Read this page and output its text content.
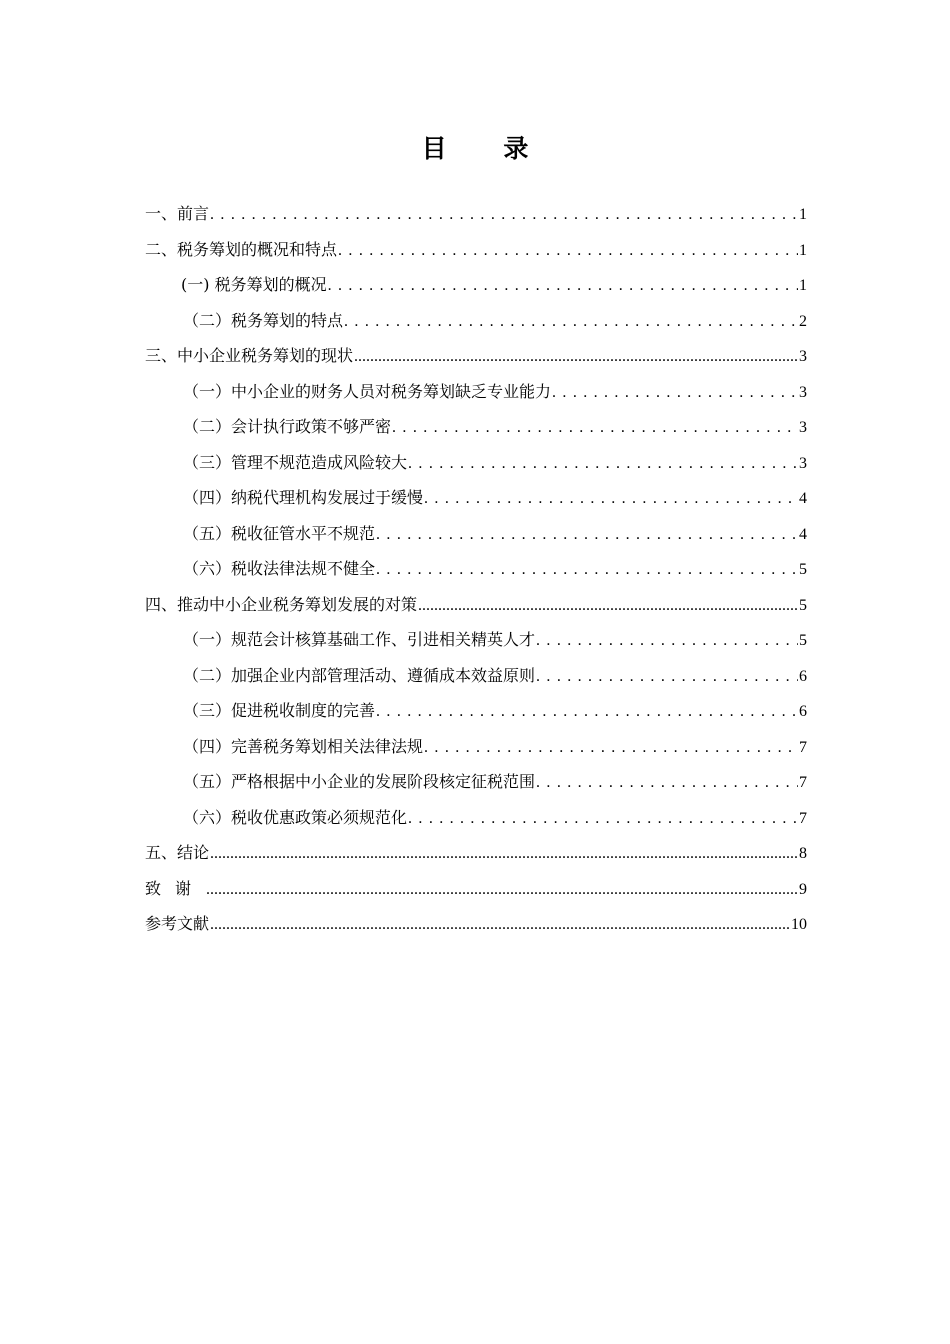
目 录
一、前言 . . .	1
二、税务筹划的概况和特点 . . .	1
(一) 税务筹划的概况 . . .	1
（二）税务筹划的特点 . . .	2
三、中小企业税务筹划的现状 .....	3
（一）中小企业的财务人员对税务筹划缺乏专业能力 . . .	3
（二）会计执行政策不够严密 . . .	3
（三）管理不规范造成风险较大 . . .	3
（四）纳税代理机构发展过于缓慢 . . .	4
（五）税收征管水平不规范 . . .	4
（六）税收法律法规不健全 . . .	5
四、推动中小企业税务筹划发展的对策 .....	5
（一）规范会计核算基础工作、引进相关精英人才 . . .	5
（二）加强企业内部管理活动、遵循成本效益原则 . . .	6
（三）促进税收制度的完善 . . .	6
（四）完善税务筹划相关法律法规 . . .	7
（五）严格根据中小企业的发展阶段核定征税范围 . . .	7
（六）税收优惠政策必须规范化 . . .	7
五、结论 .....	8
致谢 .....	9
参考文献 .....	10
